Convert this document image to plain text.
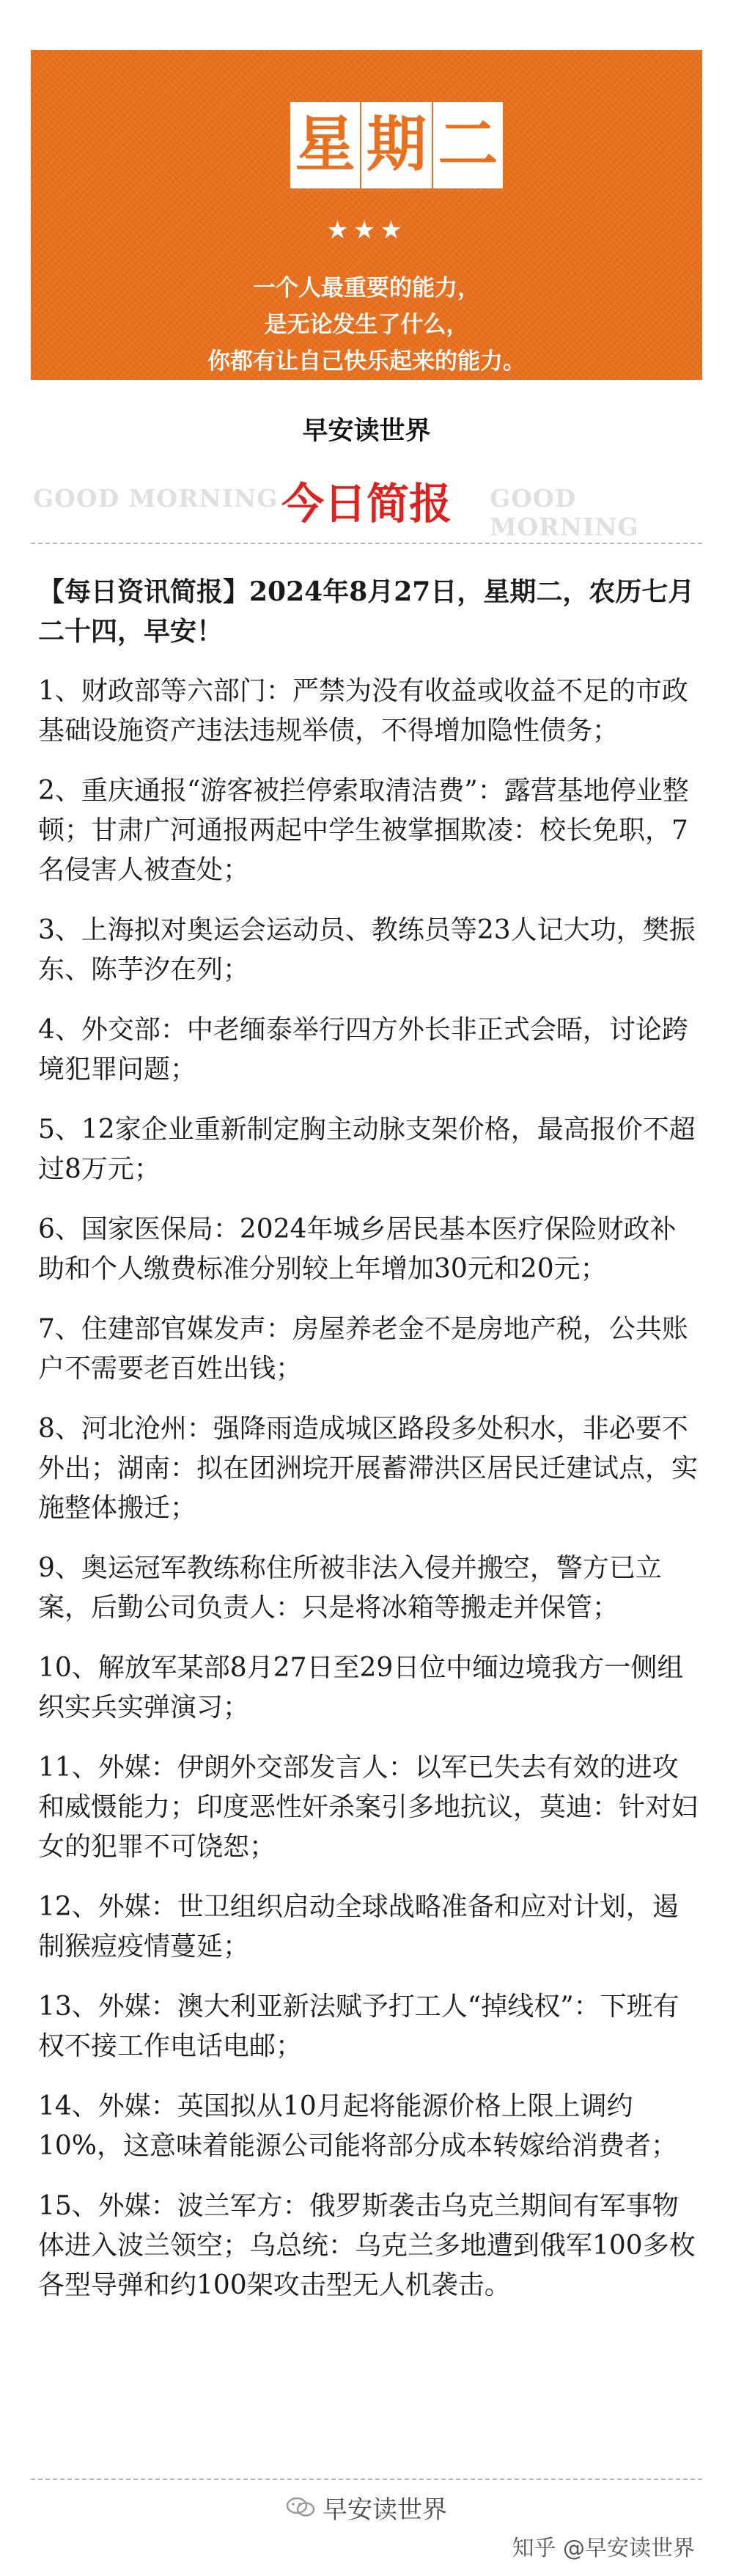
星 期 二
★★★
一个人最重要的能力，
是无论发生了什么，
你都有让自己快乐起来的能力。
早安读世界
GOOD MORNING 今日简报	GOOD MORNING

【每日资讯简报】2024年8月27日，星期二，农历七月二十四，早安！

1、财政部等六部门：严禁为没有收益或收益不足的市政基础设施资产违法违规举债，不得增加隐性债务；

2、重庆通报“游客被拦停索取清洁费”：露营基地停业整顿；甘肃广河通报两起中学生被掌掴欺凌：校长免职，7名侵害人被查处；

3、上海拟对奥运会运动员、教练员等23人记大功，樊振东、陈芋汐在列；

4、外交部：中老缅泰举行四方外长非正式会晤，讨论跨境犯罪问题；

5、12家企业重新制定胸主动脉支架价格，最高报价不超过8万元；

6、国家医保局：2024年城乡居民基本医疗保险财政补助和个人缴费标准分别较上年增加30元和20元；

7、住建部官媒发声：房屋养老金不是房地产税，公共账户不需要老百姓出钱；

8、河北沧州：强降雨造成城区路段多处积水，非必要不外出；湖南：拟在团洲垸开展蓄滞洪区居民迁建试点，实施整体搬迁；

9、奥运冠军教练称住所被非法入侵并搬空，警方已立案，后勤公司负责人：只是将冰箱等搬走并保管；

10、解放军某部8月27日至29日位中缅边境我方一侧组织实兵实弹演习；

11、外媒：伊朗外交部发言人：以军已失去有效的进攻和威慑能力；印度恶性奸杀案引多地抗议，莫迪：针对妇女的犯罪不可饶恕；

12、外媒：世卫组织启动全球战略准备和应对计划，遏制猴痘疫情蔓延；

13、外媒：澳大利亚新法赋予打工人“掉线权”：下班有权不接工作电话电邮；

14、外媒：英国拟从10月起将能源价格上限上调约10%，这意味着能源公司能将部分成本转嫁给消费者；

15、外媒：波兰军方：俄罗斯袭击乌克兰期间有军事物体进入波兰领空；乌总统：乌克兰多地遭到俄军100多枚各型导弹和约100架攻击型无人机袭击。

早安读世界
知乎 @早安读世界
